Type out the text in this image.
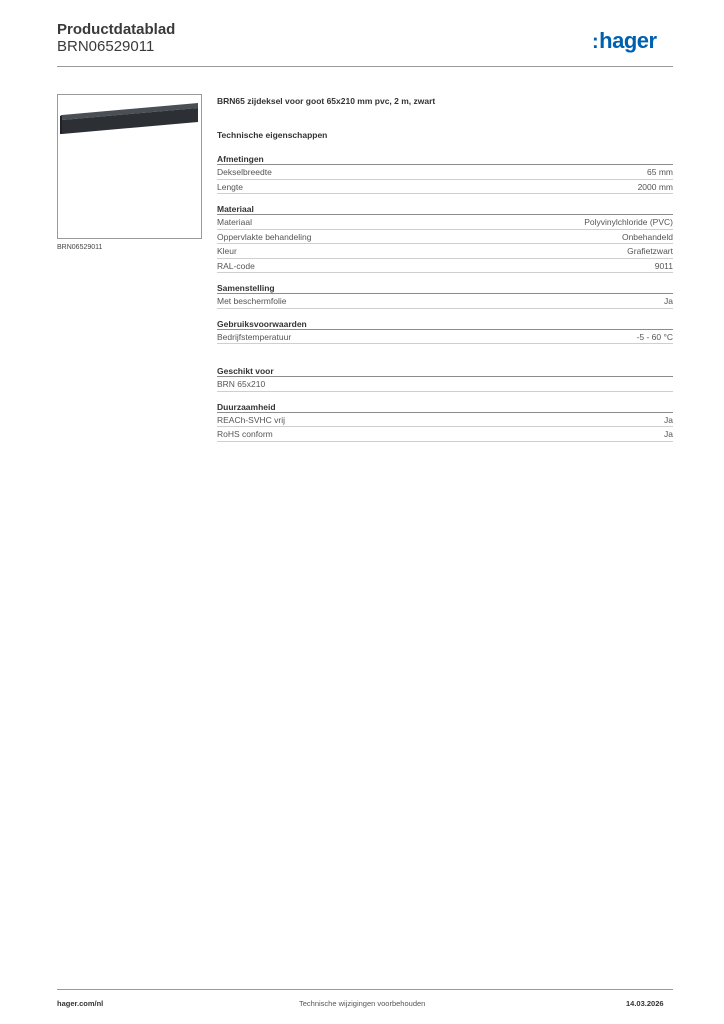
Productdatablad
BRN06529011	:hager
BRN06529011
BRN65 zijdeksel voor goot 65x210 mm pvc, 2 m, zwart
Technische eigenschappen
Afmetingen
Dekselbreedte	65 mm
Lengte	2000 mm
Materiaal
Materiaal	Polyvinylchloride (PVC)
Oppervlakte behandeling	Onbehandeld
Kleur	Grafietzwart
RAL-code	9011
Samenstelling
Met beschermfolie	Ja
Gebruiksvoorwaarden
Bedrijfstemperatuur	-5 - 60 °C
Geschikt voor
BRN 65x210
Duurzaamheid
REACh-SVHC vrij	Ja
RoHS conform	Ja
hager.com/nl	Technische wijzigingen voorbehouden	14.03.2026
